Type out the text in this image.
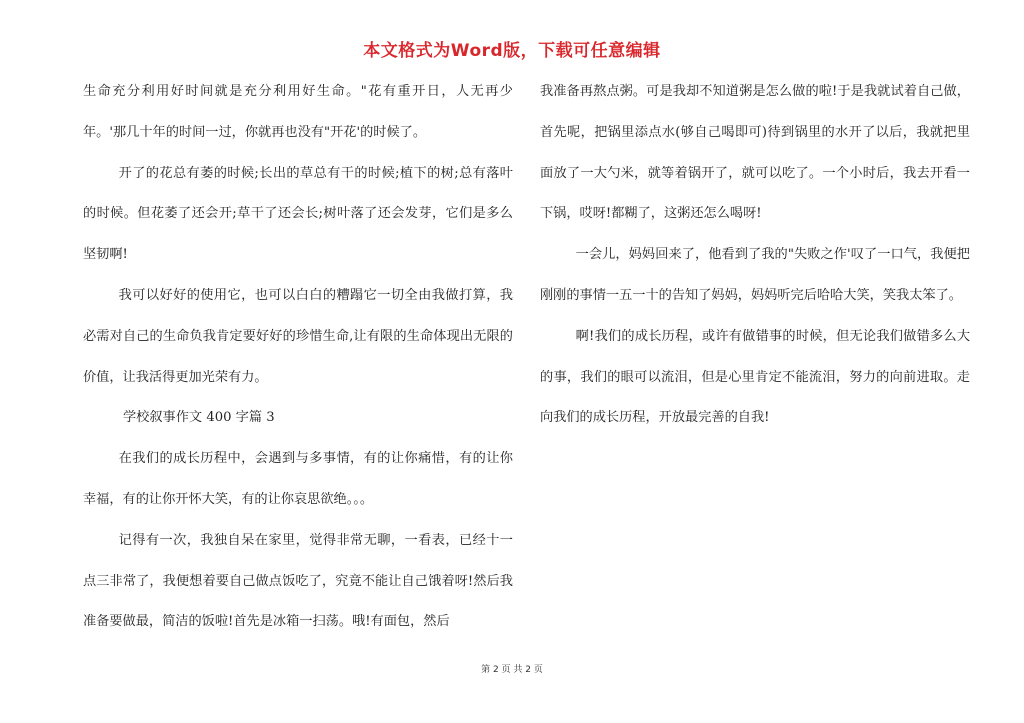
本文格式为Word版，下载可任意编辑

生命充分利用好时间就是充分利用好生命。"花有重开日，人无再少年。'那几十年的时间一过，你就再也没有"开花'的时候了。

开了的花总有萎的时候;长出的草总有干的时候;植下的树;总有落叶的时候。但花萎了还会开;草干了还会长;树叶落了还会发芽，它们是多么坚韧啊!

我可以好好的使用它，也可以白白的糟蹋它一切全由我做打算，我必需对自己的生命负我肯定要好好的珍惜生命,让有限的生命体现出无限的价值，让我活得更加光荣有力。

学校叙事作文 400 字篇 3

在我们的成长历程中，会遇到与多事情，有的让你痛惜，有的让你幸福，有的让你开怀大笑，有的让你哀思欲绝。。。

记得有一次，我独自呆在家里，觉得非常无聊，一看表，已经十一点三非常了，我便想着要自己做点饭吃了，究竟不能让自己饿着呀!然后我准备要做最，简洁的饭啦!首先是冰箱一扫荡。哦!有面包，然后

我准备再熬点粥。可是我却不知道粥是怎么做的啦!于是我就试着自己做，首先呢，把锅里添点水(够自己喝即可)待到锅里的水开了以后，我就把里面放了一大勺米，就等着锅开了，就可以吃了。一个小时后，我去开看一下锅，哎呀!都糊了，这粥还怎么喝呀!

一会儿，妈妈回来了，他看到了我的"失败之作'叹了一口气，我便把刚刚的事情一五一十的告知了妈妈，妈妈听完后哈哈大笑，笑我太笨了。

啊!我们的成长历程，或许有做错事的时候，但无论我们做错多么大的事，我们的眼可以流泪，但是心里肯定不能流泪，努力的向前进取。走向我们的成长历程，开放最完善的自我!

第 2 页 共 2 页
